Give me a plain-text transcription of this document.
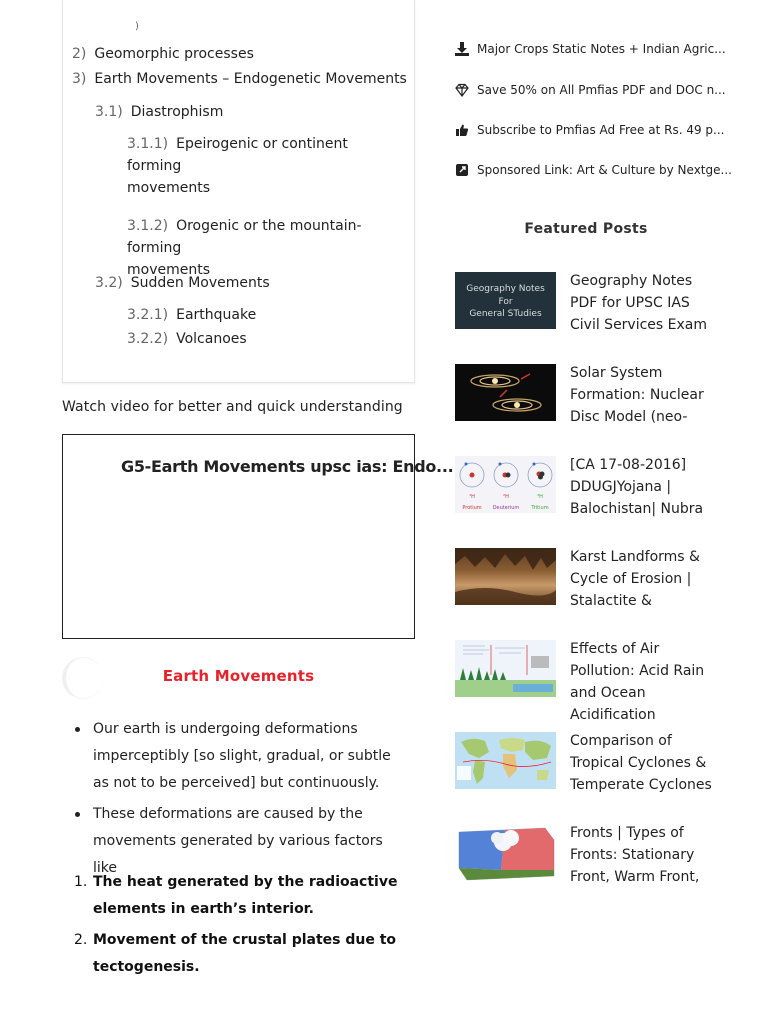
)
2) Geomorphic processes
3) Earth Movements – Endogenetic Movements
3.1) Diastrophism
3.1.1) Epeirogenic or continent forming
movements
3.1.2) Orogenic or the mountain-forming
movements
3.2) Sudden Movements
3.2.1) Earthquake
3.2.2) Volcanoes
Watch video for better and quick understanding
G5-Earth Movements upsc ias: Endo...
Earth Movements
Our earth is undergoing deformations imperceptibly [so slight, gradual, or subtle as not to be perceived] but continuously.
These deformations are caused by the movements generated by various factors like
1. The heat generated by the radioactive elements in earth’s interior.
2. Movement of the crustal plates due to tectogenesis.
Major Crops Static Notes + Indian Agric...
Save 50% on All Pmfias PDF and DOC n...
Subscribe to Pmfias Ad Free at Rs. 49 p...
Sponsored Link: Art & Culture by Nextge...
Featured Posts
Geography Notes
For
General STudies
Geography Notes PDF for UPSC IAS Civil Services Exam
Solar System Formation: Nuclear Disc Model (neo-
¹H	²H	³H
Protium Deuterium Tritium
[CA 17-08-2016] DDUGJYojana | Balochistan| Nubra
Karst Landforms & Cycle of Erosion | Stalactite &
Effects of Air Pollution: Acid Rain and Ocean Acidification
Comparison of Tropical Cyclones & Temperate Cyclones
Fronts | Types of Fronts: Stationary Front, Warm Front,
